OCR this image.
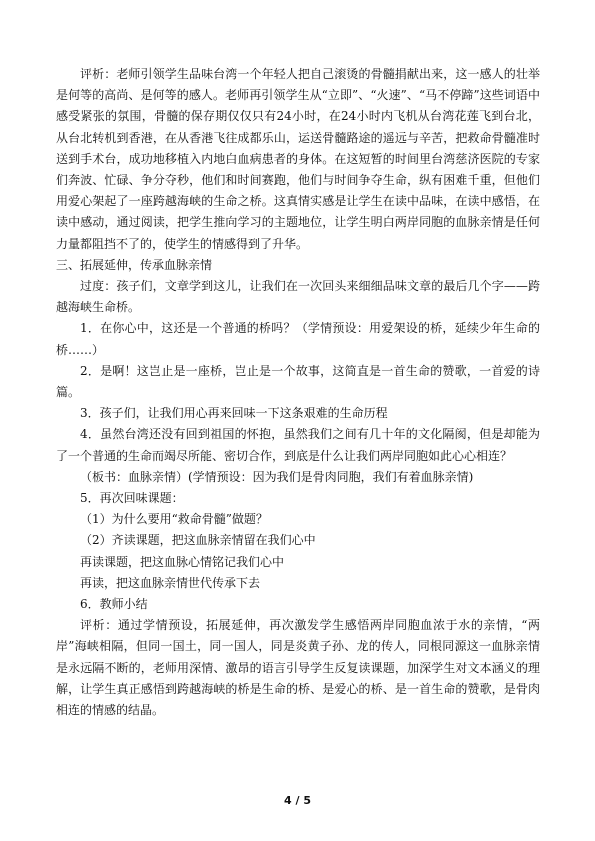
评析：老师引领学生品味台湾一个年轻人把自己滚烫的骨髓捐献出来，这一感人的壮举是何等的高尚、是何等的感人。老师再引领学生从“立即”、“火速”、“马不停蹄”这些词语中感受紧张的氛围，骨髓的保存期仅仅只有24小时，在24小时内飞机从台湾花莲飞到台北，从台北转机到香港，在从香港飞往成都乐山，运送骨髓路途的遥远与辛苦，把救命骨髓准时送到手术台，成功地移植入内地白血病患者的身体。在这短暂的时间里台湾慈济医院的专家们奔波、忙碌、争分夺秒，他们和时间赛跑，他们与时间争夺生命，纵有困难千重，但他们用爱心架起了一座跨越海峡的生命之桥。这真情实感是让学生在读中品味，在读中感悟，在读中感动，通过阅读，把学生推向学习的主题地位，让学生明白两岸同胞的血脉亲情是任何力量都阻挡不了的，使学生的情感得到了升华。

三、拓展延伸，传承血脉亲情

过度：孩子们，文章学到这儿，让我们在一次回头来细细品味文章的最后几个字——跨越海峡生命桥。

1．在你心中，这还是一个普通的桥吗？（学情预设：用爱架设的桥，延续少年生命的桥……）

2．是啊！这岂止是一座桥，岂止是一个故事，这简直是一首生命的赞歌，一首爱的诗篇。

3．孩子们，让我们用心再来回味一下这条艰难的生命历程

4．虽然台湾还没有回到祖国的怀抱，虽然我们之间有几十年的文化隔阂，但是却能为了一个普通的生命而竭尽所能、密切合作，到底是什么让我们两岸同胞如此心心相连？

（板书：血脉亲情）(学情预设：因为我们是骨肉同胞，我们有着血脉亲情)

5．再次回味课题：

（1）为什么要用“救命骨髓”做题？

（2）齐读课题，把这血脉亲情留在我们心中

再读课题，把这血脉心情铭记我们心中

再读，把这血脉亲情世代传承下去

6．教师小结

评析：通过学情预设，拓展延伸，再次激发学生感悟两岸同胞血浓于水的亲情，“两岸”海峡相隔，但同一国土，同一国人，同是炎黄子孙、龙的传人，同根同源这一血脉亲情是永远隔不断的，老师用深情、激昂的语言引导学生反复读课题，加深学生对文本涵义的理解，让学生真正感悟到跨越海峡的桥是生命的桥、是爱心的桥、是一首生命的赞歌，是骨肉相连的情感的结晶。

4 / 5
